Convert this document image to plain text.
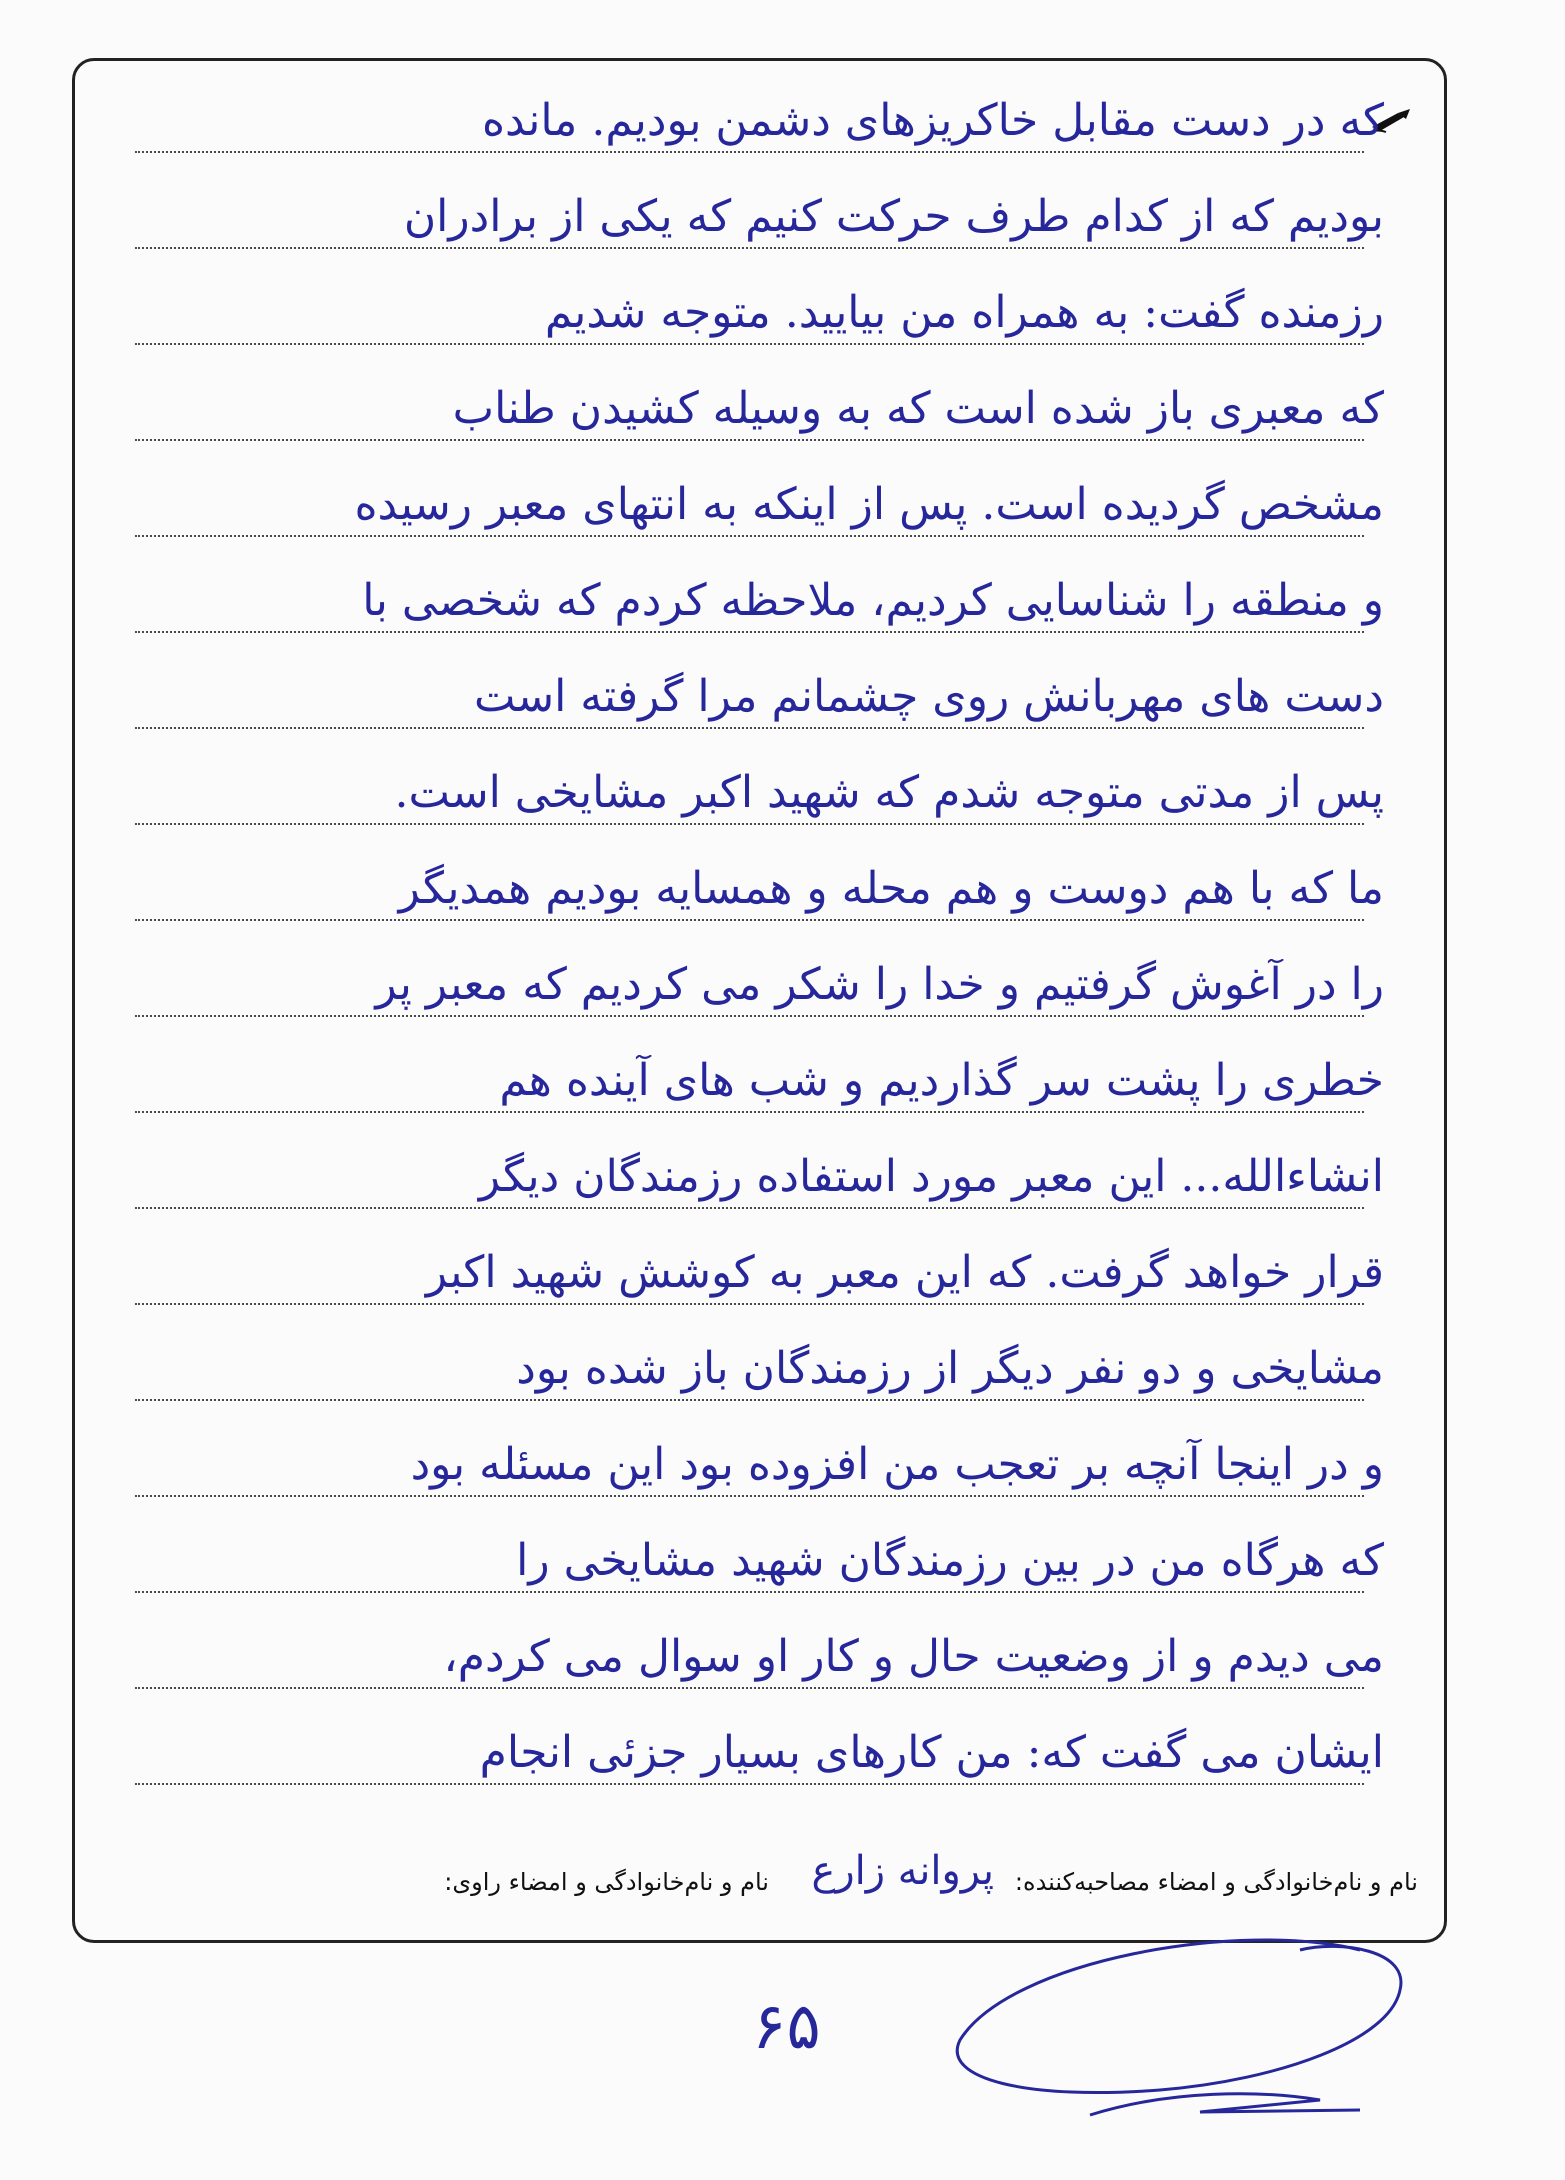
که در دست مقابل خاکریزهای دشمن بودیم. مانده
بودیم که از کدام طرف حرکت کنیم که یکی از برادران
رزمنده گفت: به همراه من بیایید. متوجه شدیم
که معبری باز شده است که به وسیله کشیدن طناب
مشخص گردیده است. پس از اینکه به انتهای معبر رسیده
و منطقه را شناسایی کردیم، ملاحظه کردم که شخصی با
دست های مهربانش روی چشمانم مرا گرفته است
پس از مدتی متوجه شدم که شهید اکبر مشایخی است.
ما که با هم دوست و هم محله و همسایه بودیم همدیگر
را در آغوش گرفتیم و خدا را شکر می کردیم که معبر پر
خطری را پشت سر گذاردیم و شب های آینده هم
انشاءالله... این معبر مورد استفاده رزمندگان دیگر
قرار خواهد گرفت. که این معبر به کوشش شهید اکبر
مشایخی و دو نفر دیگر از رزمندگان باز شده بود
و در اینجا آنچه بر تعجب من افزوده بود این مسئله بود
که هرگاه من در بین رزمندگان شهید مشایخی را
می دیدم و از وضعیت حال و کار او سوال می کردم،
ایشان می گفت که: من کارهای بسیار جزئی انجام
نام و نام‌خانوادگی و امضاء مصاحبه‌کننده:
پروانه زارع
نام و نام‌خانوادگی و امضاء راوی:
۶۵
